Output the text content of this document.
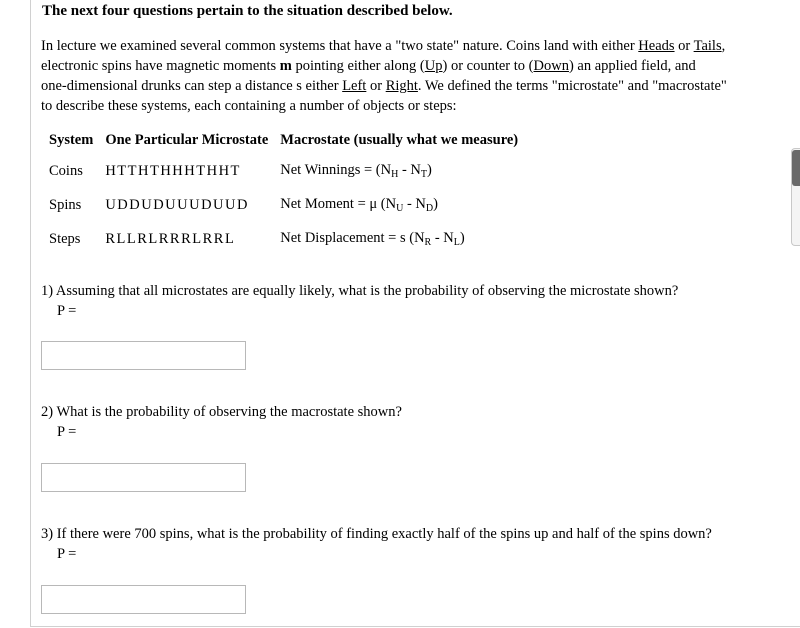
The next four questions pertain to the situation described below.

In lecture we examined several common systems that have a "two state" nature. Coins land with either Heads or Tails,

electronic spins have magnetic moments m pointing either along (Up) or counter to (Down) an applied field, and

one-dimensional drunks can step a distance s either Left or Right. We defined the terms "microstate" and "macrostate"

to describe these systems, each containing a number of objects or steps:

System	One Particular Microstate	Macrostate (usually what we measure)
Coins	HTTHTHHHTHHT	Net Winnings = $(N_H - N_T)$
Spins	UDDUDUUUDUUD	Net Moment = μ $(N_U - N_D)$
Steps	RLLRLRRRLRRL	Net Displacement = s $(N_R - N_L)$
1) Assuming that all microstates are equally likely, what is the probability of observing the microstate shown?
P =
2) What is the probability of observing the macrostate shown?
P =
3) If there were 700 spins, what is the probability of finding exactly half of the spins up and half of the spins down?
P =
